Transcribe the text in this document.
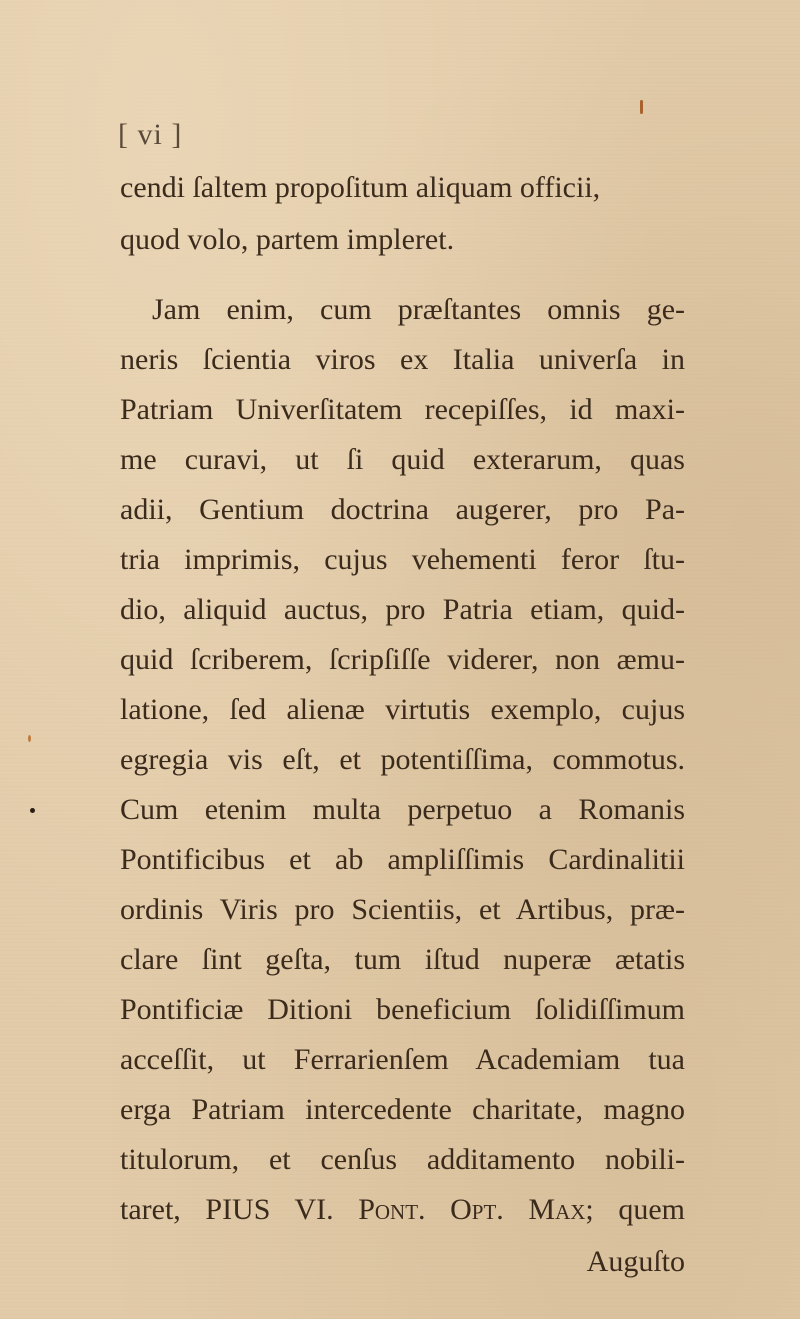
[ vi ]
cendi ſaltem propoſitum aliquam officii,
quod volo, partem impleret.
Jam enim, cum præſtantes omnis ge-
neris ſcientia viros ex Italia univerſa in
Patriam Univerſitatem recepiſſes, id maxi-
me curavi, ut ſi quid exterarum, quas
adii, Gentium doctrina augerer, pro Pa-
tria imprimis, cujus vehementi feror ſtu-
dio, aliquid auctus, pro Patria etiam, quid-
quid ſcriberem, ſcripſiſſe viderer, non æmu-
latione, ſed alienæ virtutis exemplo, cujus
egregia vis eſt, et potentiſſima, commotus.
Cum etenim multa perpetuo a Romanis
Pontificibus et ab ampliſſimis Cardinalitii
ordinis Viris pro Scientiis, et Artibus, præ-
clare ſint geſta, tum iſtud nuperæ ætatis
Pontificiæ Ditioni beneficium ſolidiſſimum
acceſſit, ut Ferrarienſem Academiam tua
erga Patriam intercedente charitate, magno
titulorum, et cenſus additamento nobili-
taret, PIUS VI. Pont. Opt. Max; quem
Auguſto
